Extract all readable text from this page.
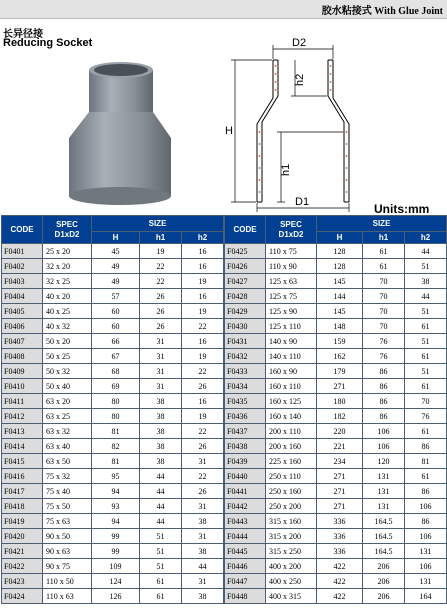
胶水粘接式 With Glue Joint
长异径接
Reducing Socket	D2
D1
H
h2
h1
Units:mm
CODE	SPEC
D1xD2	SIZE		
		H	h1	h2
F0401	25 x 20	45	19	16
F0402	32 x 20	49	22	16
F0403	32 x 25	49	22	19
F0404	40 x 20	57	26	16
F0405	40 x 25	60	26	19
F0406	40 x 32	60	26	22
F0407	50 x 20	66	31	16
F0408	50 x 25	67	31	19
F0409	50 x 32	68	31	22
F0410	50 x 40	69	31	26
F0411	63 x 20	80	38	16
F0412	63 x 25	80	38	19
F0413	63 x 32	81	38	22
F0414	63 x 40	82	38	26
F0415	63 x 50	81	38	31
F0416	75 x 32	95	44	22
F0417	75 x 40	94	44	26
F0418	75 x 50	93	44	31
F0419	75 x 63	94	44	38
F0420	90 x 50	99	51	31
F0421	90 x 63	99	51	38
F0422	90 x 75	109	51	44
F0423	110 x 50	124	61	31
F0424	110 x 63	126	61	38
CODE	SPEC
D1xD2	SIZE		
		H	h1	h2
F0425	110 x 75	128	61	44
F0426	110 x 90	128	61	51
F0427	125 x 63	145	70	38
F0428	125 x 75	144	70	44
F0429	125 x 90	145	70	51
F0430	125 x 110	148	70	61
F0431	140 x 90	159	76	51
F0432	140 x 110	162	76	61
F0433	160 x 90	179	86	51
F0434	160 x 110	271	86	61
F0435	160 x 125	180	86	70
F0436	160 x 140	182	86	76
F0437	200 x 110	220	106	61
F0438	200 x 160	221	106	86
F0439	225 x 160	234	120	81
F0440	250 x 110	271	131	61
F0441	250 x 160	271	131	86
F0442	250 x 200	271	131	106
F0443	315 x 160	336	164.5	86
F0444	315 x 200	336	164.5	106
F0445	315 x 250	336	164.5	131
F0446	400 x 200	422	206	106
F0447	400 x 250	422	206	131
F0448	400 x 315	422	206	164
